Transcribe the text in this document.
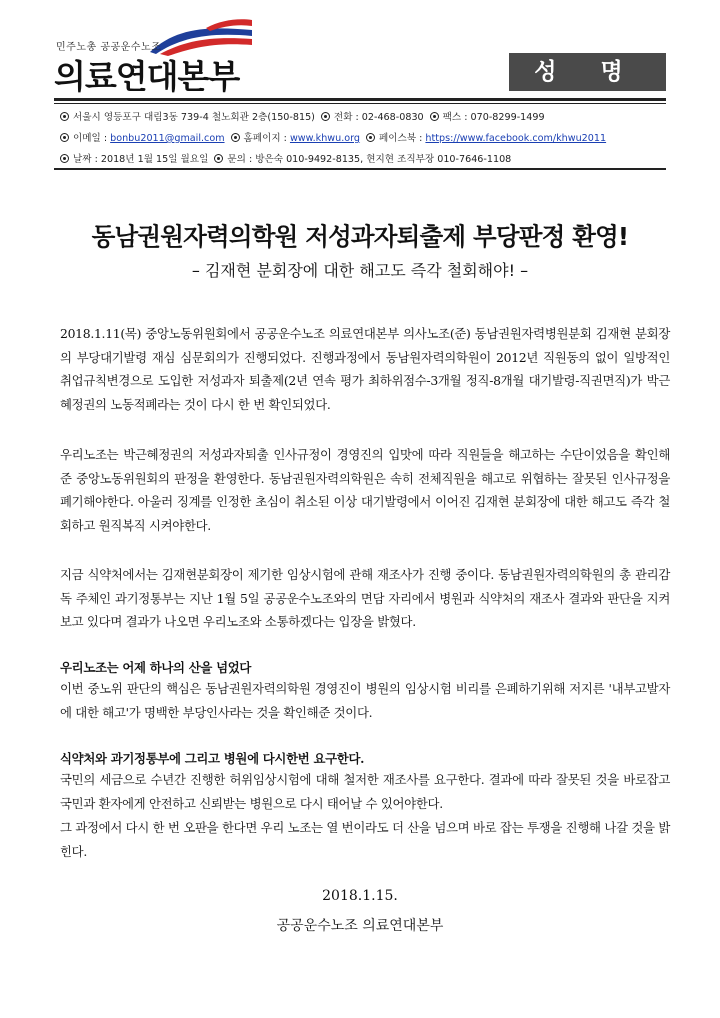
민주노총 공공운수노조
의료연대본부	성 명
서울시 영등포구 대림3동 739-4 철노회관 2층(150-815) 전화 : 02-468-0830 팩스 : 070-8299-1499
이메일 : bonbu2011@gmail.com 홈페이지 : www.khwu.org 페이스북 : https://www.facebook.com/khwu2011
날짜 : 2018년 1월 15일 월요일 문의 : 방은숙 010-9492-8135, 현지현 조직부장 010-7646-1108
동남권원자력의학원 저성과자퇴출제 부당판정 환영!
– 김재현 분회장에 대한 해고도 즉각 철회해야! –
2018.1.11(목) 중앙노동위원회에서 공공운수노조 의료연대본부 의사노조(준) 동남권원자력병원분회 김재현 분회장의 부당대기발령 재심 심문회의가 진행되었다. 진행과정에서 동남원자력의학원이 2012년 직원동의 없이 일방적인 취업규칙변경으로 도입한 저성과자 퇴출제(2년 연속 평가 최하위점수-3개월 정직-8개월 대기발령-직권면직)가 박근혜정권의 노동적폐라는 것이 다시 한 번 확인되었다.
우리노조는 박근혜정권의 저성과자퇴출 인사규정이 경영진의 입맛에 따라 직원들을 해고하는 수단이었음을 확인해 준 중앙노동위원회의 판정을 환영한다. 동남권원자력의학원은 속히 전체직원을 해고로 위협하는 잘못된 인사규정을 폐기해야한다. 아울러 징계를 인정한 초심이 취소된 이상 대기발령에서 이어진 김재현 분회장에 대한 해고도 즉각 철회하고 원직복직 시켜야한다.
지금 식약처에서는 김재현분회장이 제기한 임상시험에 관해 재조사가 진행 중이다. 동남권원자력의학원의 총 관리감독 주체인 과기정통부는 지난 1월 5일 공공운수노조와의 면담 자리에서 병원과 식약처의 재조사 결과와 판단을 지켜보고 있다며 결과가 나오면 우리노조와 소통하겠다는 입장을 밝혔다.
우리노조는 어제 하나의 산을 넘었다
이번 중노위 판단의 핵심은 동남권원자력의학원 경영진이 병원의 임상시험 비리를 은폐하기위해 저지른 '내부고발자에 대한 해고'가 명백한 부당인사라는 것을 확인해준 것이다.
식약처와 과기정통부에 그리고 병원에 다시한번 요구한다.
국민의 세금으로 수년간 진행한 허위임상시험에 대해 철저한 재조사를 요구한다. 결과에 따라 잘못된 것을 바로잡고 국민과 환자에게 안전하고 신뢰받는 병원으로 다시 태어날 수 있어야한다.
그 과정에서 다시 한 번 오판을 한다면 우리 노조는 열 번이라도 더 산을 넘으며 바로 잡는 투쟁을 진행해 나갈 것을 밝힌다.
2018.1.15.
공공운수노조 의료연대본부
